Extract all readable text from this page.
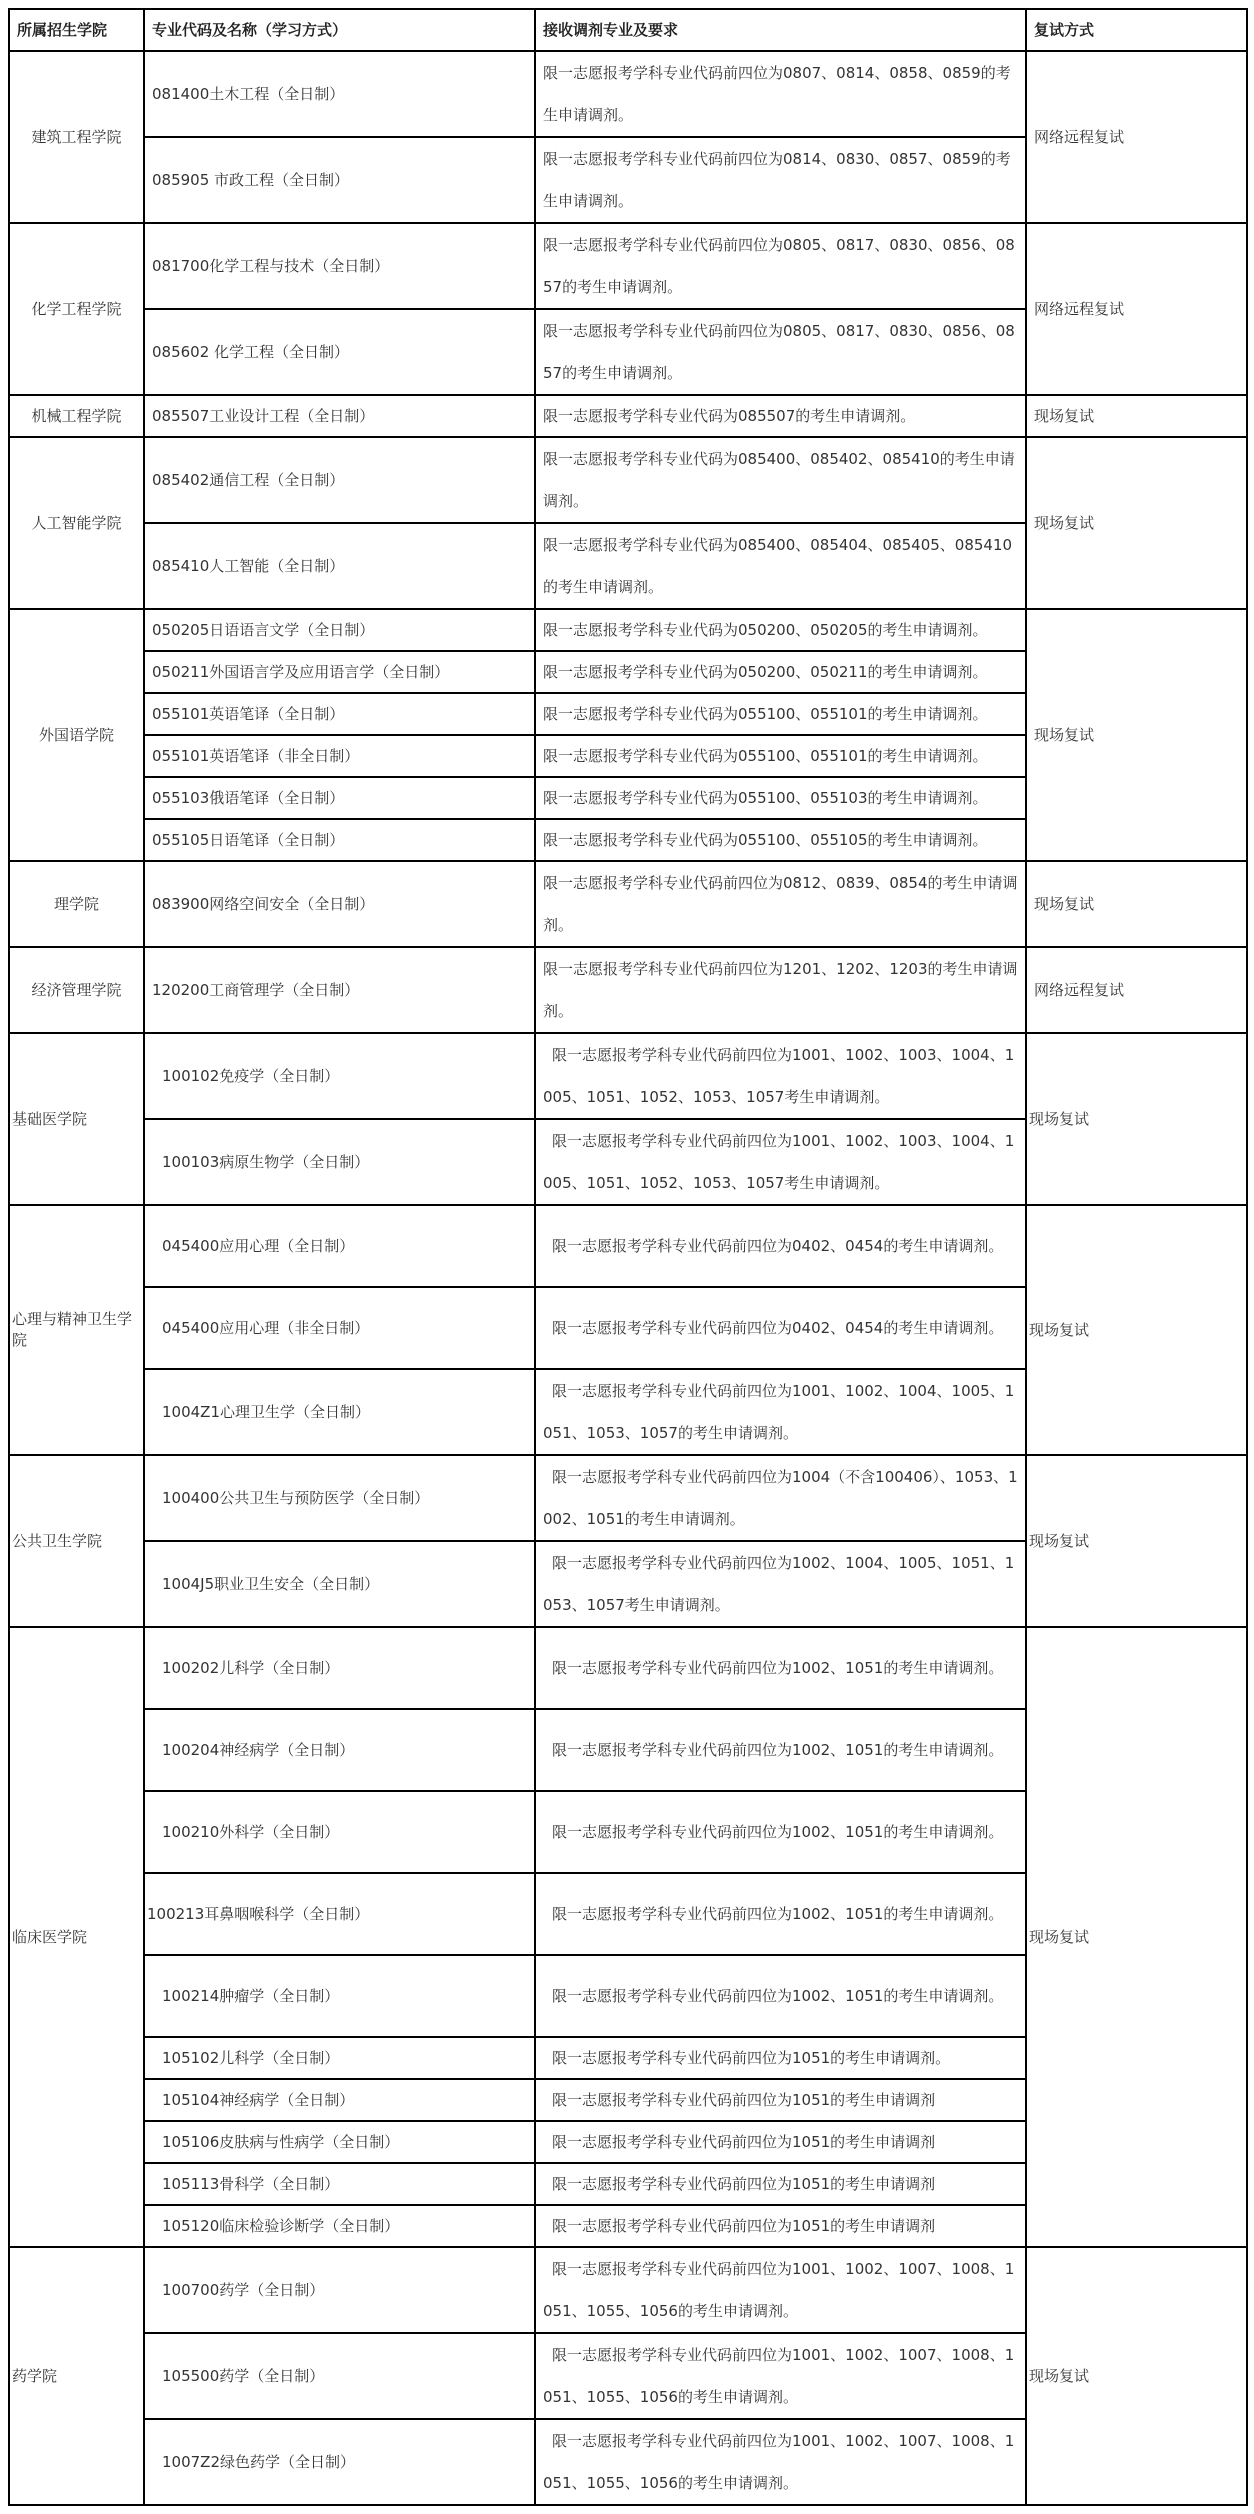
所属招生学院	专业代码及名称（学习方式）	接收调剂专业及要求	复试方式
建筑工程学院	081400土木工程（全日制）	限一志愿报考学科专业代码前四位为0807、0814、0858、0859的考生申请调剂。	网络远程复试
	085905 市政工程（全日制）	限一志愿报考学科专业代码前四位为0814、0830、0857、0859的考生申请调剂。	
化学工程学院	081700化学工程与技术（全日制）	限一志愿报考学科专业代码前四位为0805、0817、0830、0856、0857的考生申请调剂。	网络远程复试
	085602 化学工程（全日制）	限一志愿报考学科专业代码前四位为0805、0817、0830、0856、0857的考生申请调剂。	
机械工程学院	085507工业设计工程（全日制）	限一志愿报考学科专业代码为085507的考生申请调剂。	现场复试
人工智能学院	085402通信工程（全日制）	限一志愿报考学科专业代码为085400、085402、085410的考生申请调剂。	现场复试
	085410人工智能（全日制）	限一志愿报考学科专业代码为085400、085404、085405、085410的考生申请调剂。	
外国语学院	050205日语语言文学（全日制）	限一志愿报考学科专业代码为050200、050205的考生申请调剂。	现场复试
	050211外国语言学及应用语言学（全日制）	限一志愿报考学科专业代码为050200、050211的考生申请调剂。	
	055101英语笔译（全日制）	限一志愿报考学科专业代码为055100、055101的考生申请调剂。	
	055101英语笔译（非全日制）	限一志愿报考学科专业代码为055100、055101的考生申请调剂。	
	055103俄语笔译（全日制）	限一志愿报考学科专业代码为055100、055103的考生申请调剂。	
	055105日语笔译（全日制）	限一志愿报考学科专业代码为055100、055105的考生申请调剂。	
理学院	083900网络空间安全（全日制）	限一志愿报考学科专业代码前四位为0812、0839、0854的考生申请调剂。	现场复试
经济管理学院	120200工商管理学（全日制）	限一志愿报考学科专业代码前四位为1201、1202、1203的考生申请调剂。	网络远程复试
基础医学院	100102免疫学（全日制）	限一志愿报考学科专业代码前四位为1001、1002、1003、1004、1005、1051、1052、1053、1057考生申请调剂。	现场复试
	100103病原生物学（全日制）	限一志愿报考学科专业代码前四位为1001、1002、1003、1004、1005、1051、1052、1053、1057考生申请调剂。	
心理与精神卫生学院	045400应用心理（全日制）	限一志愿报考学科专业代码前四位为0402、0454的考生申请调剂。	现场复试
	045400应用心理（非全日制）	限一志愿报考学科专业代码前四位为0402、0454的考生申请调剂。	
	1004Z1心理卫生学（全日制）	限一志愿报考学科专业代码前四位为1001、1002、1004、1005、1051、1053、1057的考生申请调剂。	
公共卫生学院	100400公共卫生与预防医学（全日制）	限一志愿报考学科专业代码前四位为1004（不含100406）、1053、1002、1051的考生申请调剂。	现场复试
	1004J5职业卫生安全（全日制）	限一志愿报考学科专业代码前四位为1002、1004、1005、1051、1053、1057考生申请调剂。	
临床医学院	100202儿科学（全日制）	限一志愿报考学科专业代码前四位为1002、1051的考生申请调剂。	现场复试
	100204神经病学（全日制）	限一志愿报考学科专业代码前四位为1002、1051的考生申请调剂。	
	100210外科学（全日制）	限一志愿报考学科专业代码前四位为1002、1051的考生申请调剂。	
	100213耳鼻咽喉科学（全日制）	限一志愿报考学科专业代码前四位为1002、1051的考生申请调剂。	
	100214肿瘤学（全日制）	限一志愿报考学科专业代码前四位为1002、1051的考生申请调剂。	
	105102儿科学（全日制）	限一志愿报考学科专业代码前四位为1051的考生申请调剂。	
	105104神经病学（全日制）	限一志愿报考学科专业代码前四位为1051的考生申请调剂	
	105106皮肤病与性病学（全日制）	限一志愿报考学科专业代码前四位为1051的考生申请调剂	
	105113骨科学（全日制）	限一志愿报考学科专业代码前四位为1051的考生申请调剂	
	105120临床检验诊断学（全日制）	限一志愿报考学科专业代码前四位为1051的考生申请调剂	
药学院	100700药学（全日制）	限一志愿报考学科专业代码前四位为1001、1002、1007、1008、1051、1055、1056的考生申请调剂。	现场复试
	105500药学（全日制）	限一志愿报考学科专业代码前四位为1001、1002、1007、1008、1051、1055、1056的考生申请调剂。	
	1007Z2绿色药学（全日制）	限一志愿报考学科专业代码前四位为1001、1002、1007、1008、1051、1055、1056的考生申请调剂。	
